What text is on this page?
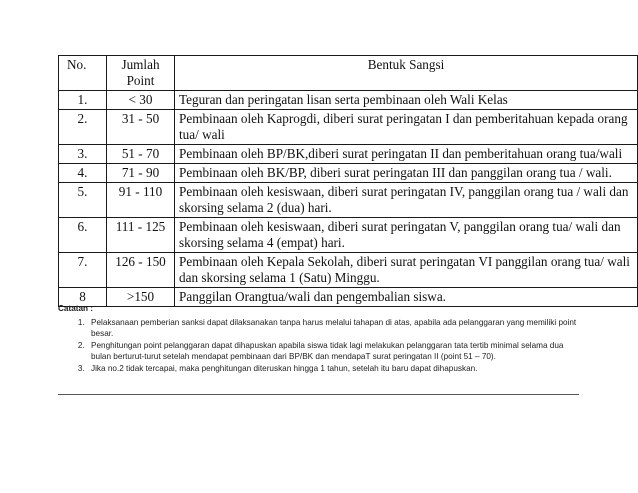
No.	Jumlah Point	Bentuk Sangsi
1.	< 30	Teguran dan peringatan lisan serta pembinaan oleh Wali Kelas
2.	31 - 50	Pembinaan oleh Kaprogdi, diberi surat peringatan I dan pemberitahuan kepada orang tua/ wali
3.	51 - 70	Pembinaan oleh BP/BK,diberi surat peringatan II dan pemberitahuan orang tua/wali
4.	71 - 90	Pembinaan oleh BK/BP, diberi surat peringatan III dan panggilan orang tua / wali.
5.	91 - 110	Pembinaan oleh kesiswaan, diberi surat peringatan IV, panggilan orang tua / wali dan skorsing selama 2 (dua) hari.
6.	111 - 125	Pembinaan oleh kesiswaan, diberi surat peringatan V, panggilan orang tua/ wali dan skorsing selama 4 (empat) hari.
7.	126 - 150	Pembinaan oleh Kepala Sekolah, diberi surat peringatan VI panggilan orang tua/ wali dan skorsing selama 1 (Satu) Minggu.
8	>150	Panggilan Orangtua/wali dan pengembalian siswa.
Catatan :
1. Pelaksanaan pemberian sanksi dapat dilaksanakan tanpa harus melalui tahapan di atas, apabila ada pelanggaran yang memiliki point besar.
2. Penghitungan point pelanggaran dapat dihapuskan apabila siswa tidak lagi melakukan pelanggaran tata tertib minimal selama dua bulan berturut-turut setelah mendapat pembinaan dari BP/BK dan mendapaT surat peringatan II (point 51 – 70).
3. Jika no.2 tidak tercapai, maka penghitungan diteruskan hingga 1 tahun, setelah itu baru dapat dihapuskan.
